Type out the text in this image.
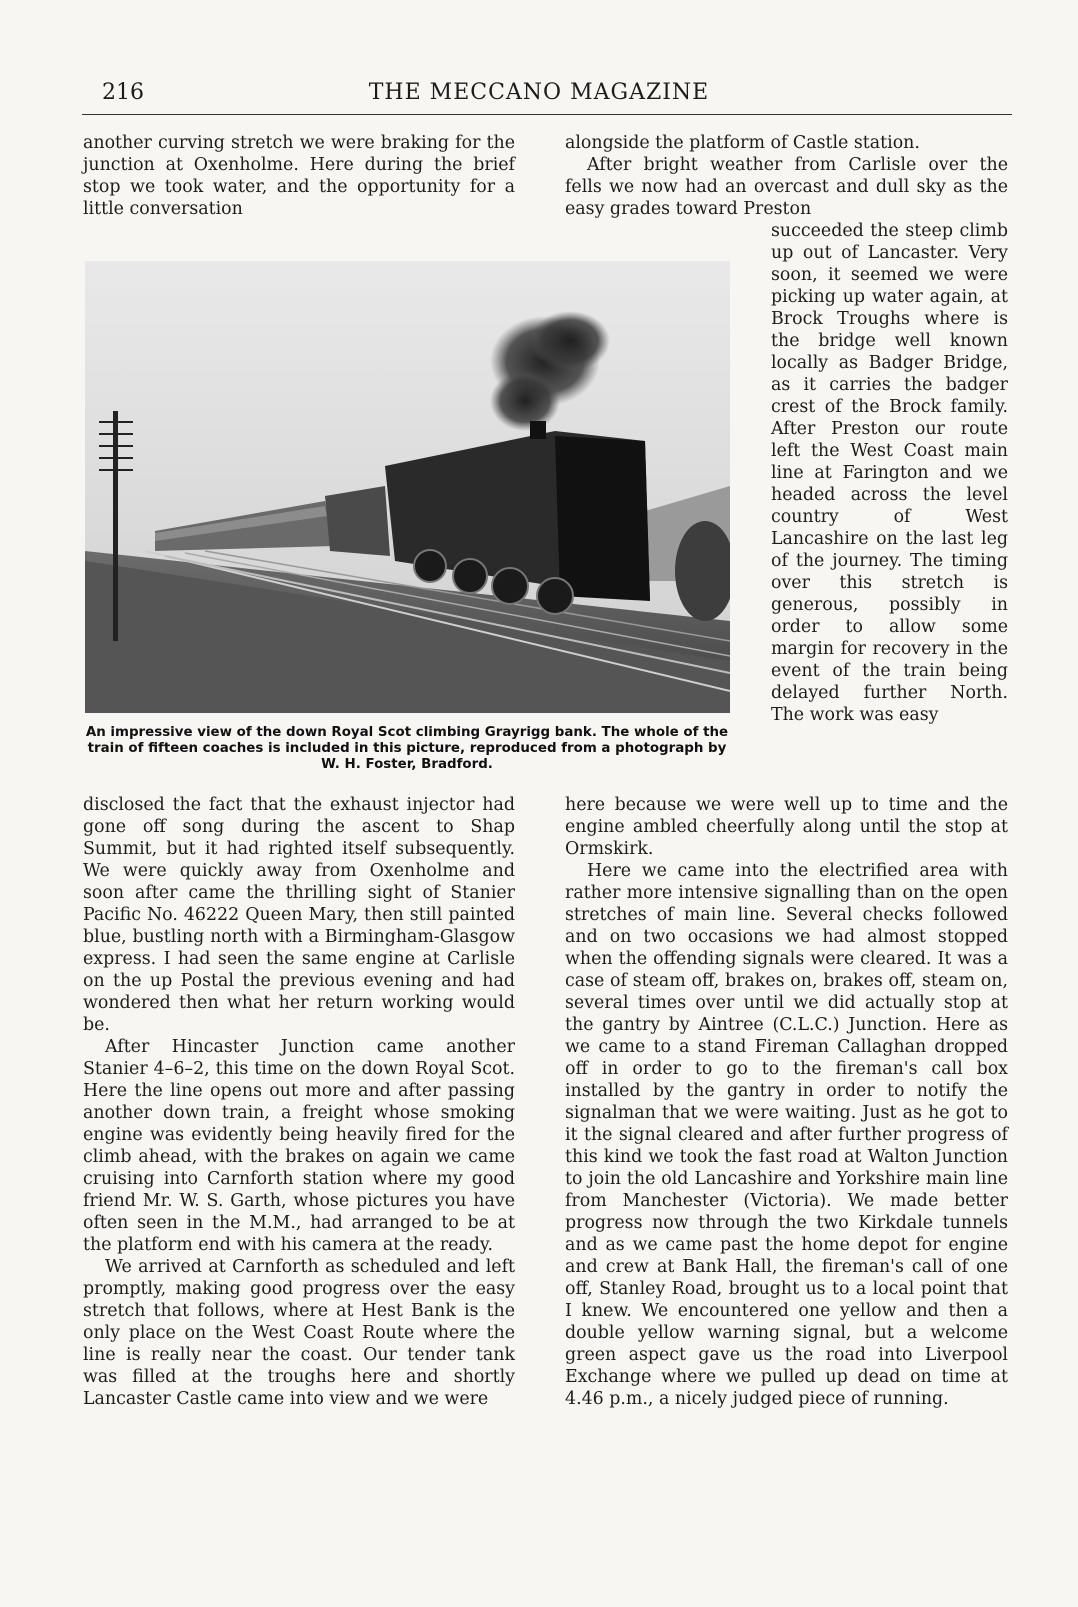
216	THE MECCANO MAGAZINE

another curving stretch we were braking for the junction at Oxenholme. Here during the brief stop we took water, and the opportunity for a little conversation

alongside the platform of Castle station.

After bright weather from Carlisle over the fells we now had an overcast and dull sky as the easy grades toward Preston

succeeded the steep climb up out of Lancaster. Very soon, it seemed we were picking up water again, at Brock Troughs where is the bridge well known locally as Badger Bridge, as it carries the badger crest of the Brock family. After Preston our route left the West Coast main line at Farington and we headed across the level country of West Lancashire on the last leg of the journey. The timing over this stretch is generous, possibly in order to allow some margin for recovery in the event of the train being delayed further North. The work was easy

An impressive view of the down Royal Scot climbing Grayrigg bank. The whole of the train of fifteen coaches is included in this picture, reproduced from a photograph by W. H. Foster, Bradford.

disclosed the fact that the exhaust injector had gone off song during the ascent to Shap Summit, but it had righted itself subsequently. We were quickly away from Oxenholme and soon after came the thrilling sight of Stanier Pacific No. 46222 Queen Mary, then still painted blue, bustling north with a Birmingham-Glasgow express. I had seen the same engine at Carlisle on the up Postal the previous evening and had wondered then what her return working would be.

After Hincaster Junction came another Stanier 4–6–2, this time on the down Royal Scot. Here the line opens out more and after passing another down train, a freight whose smoking engine was evidently being heavily fired for the climb ahead, with the brakes on again we came cruising into Carnforth station where my good friend Mr. W. S. Garth, whose pictures you have often seen in the M.M., had arranged to be at the platform end with his camera at the ready.

We arrived at Carnforth as scheduled and left promptly, making good progress over the easy stretch that follows, where at Hest Bank is the only place on the West Coast Route where the line is really near the coast. Our tender tank was filled at the troughs here and shortly Lancaster Castle came into view and we were

here because we were well up to time and the engine ambled cheerfully along until the stop at Ormskirk.

Here we came into the electrified area with rather more intensive signalling than on the open stretches of main line. Several checks followed and on two occasions we had almost stopped when the offending signals were cleared. It was a case of steam off, brakes on, brakes off, steam on, several times over until we did actually stop at the gantry by Aintree (C.L.C.) Junction. Here as we came to a stand Fireman Callaghan dropped off in order to go to the fireman's call box installed by the gantry in order to notify the signalman that we were waiting. Just as he got to it the signal cleared and after further progress of this kind we took the fast road at Walton Junction to join the old Lancashire and Yorkshire main line from Manchester (Victoria). We made better progress now through the two Kirkdale tunnels and as we came past the home depot for engine and crew at Bank Hall, the fireman's call of one off, Stanley Road, brought us to a local point that I knew. We encountered one yellow and then a double yellow warning signal, but a welcome green aspect gave us the road into Liverpool Exchange where we pulled up dead on time at 4.46 p.m., a nicely judged piece of running.
